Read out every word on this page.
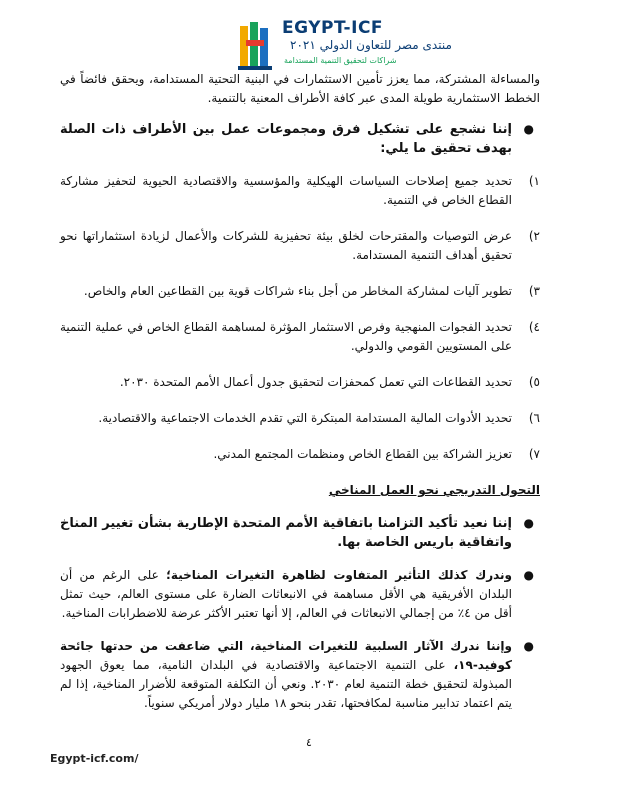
EGYPT-ICF
منتدى مصر للتعاون الدولي ٢٠٢١
شراكات لتحقيق التنمية المستدامة

والمساءلة المشتركة، مما يعزز تأمين الاستثمارات في البنية التحتية المستدامة، ويحقق فائضاً في الخطط الاستثمارية طويلة المدى عبر كافة الأطراف المعنية بالتنمية.

●
إننا نشجع على تشكيل فرق ومجموعات عمل بين الأطراف ذات الصلة بهدف تحقيق ما يلي:
١)
تحديد جميع إصلاحات السياسات الهيكلية والمؤسسية والاقتصادية الحيوية لتحفيز مشاركة القطاع الخاص في التنمية.
٢)
عرض التوصيات والمقترحات لخلق بيئة تحفيزية للشركات والأعمال لزيادة استثماراتها نحو تحقيق أهداف التنمية المستدامة.
٣)
تطوير آليات لمشاركة المخاطر من أجل بناء شراكات قوية بين القطاعين العام والخاص.
٤)
تحديد الفجوات المنهجية وفرص الاستثمار المؤثرة لمساهمة القطاع الخاص في عملية التنمية على المستويين القومي والدولي.
٥)
تحديد القطاعات التي تعمل كمحفزات لتحقيق جدول أعمال الأمم المتحدة ٢٠٣٠.
٦)
تحديد الأدوات المالية المستدامة المبتكرة التي تقدم الخدمات الاجتماعية والاقتصادية.
٧)
تعزيز الشراكة بين القطاع الخاص ومنظمات المجتمع المدني.
التحول التدريجي نحو العمل المناخي
●
إننا نعيد تأكيد التزامنا باتفاقية الأمم المتحدة الإطارية بشأن تغيير المناخ واتفاقية باريس الخاصة بها.
●
وندرك كذلك التأثير المتفاوت لظاهرة التغيرات المناخية؛ على الرغم من أن البلدان الأفريقية هي الأقل مساهمة في الانبعاثات الضارة على مستوى العالم، حيث تمثل أقل من ٤٪ من إجمالي الانبعاثات في العالم، إلا أنها تعتبر الأكثر عرضة للاضطرابات المناخية.
●
وإننا ندرك الآثار السلبية للتغيرات المناخية، التي ضاعفت من حدتها جائحة كوفيد-١٩، على التنمية الاجتماعية والاقتصادية في البلدان النامية، مما يعوق الجهود المبذولة لتحقيق خطة التنمية لعام ٢٠٣٠. ونعي أن التكلفة المتوقعة للأضرار المناخية، إذا لم يتم اعتماد تدابير مناسبة لمكافحتها، تقدر بنحو ١٨ مليار دولار أمريكي سنوياً.
٤
Egypt-icf.com/
